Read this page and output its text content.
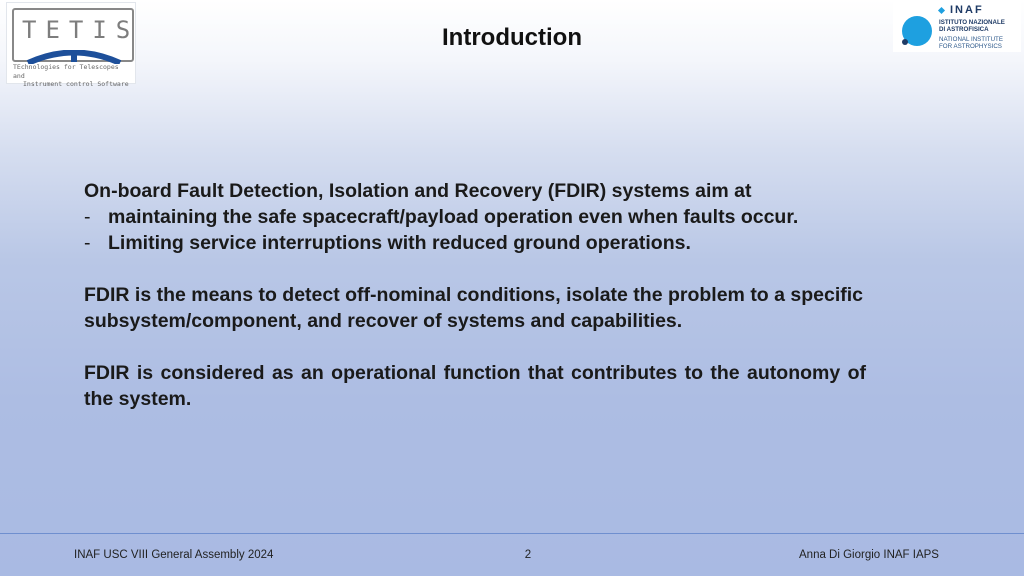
TETIS
TEchnologies for Telescopes and
Instrument control Software
Introduction
INAF
ISTITUTO NAZIONALE
DI ASTROFISICA
NATIONAL INSTITUTE
FOR ASTROPHYSICS

On-board Fault Detection, Isolation and Recovery (FDIR) systems aim at

- maintaining the safe spacecraft/payload operation even when faults occur.
- Limiting service interruptions with reduced ground operations.

FDIR is the means to detect off-nominal conditions, isolate the problem to a specific subsystem/component, and recover of systems and capabilities.

FDIR is considered as an operational function that contributes to the autonomy of the system.

INAF USC VIII General Assembly 2024	2	Anna Di Giorgio INAF IAPS
